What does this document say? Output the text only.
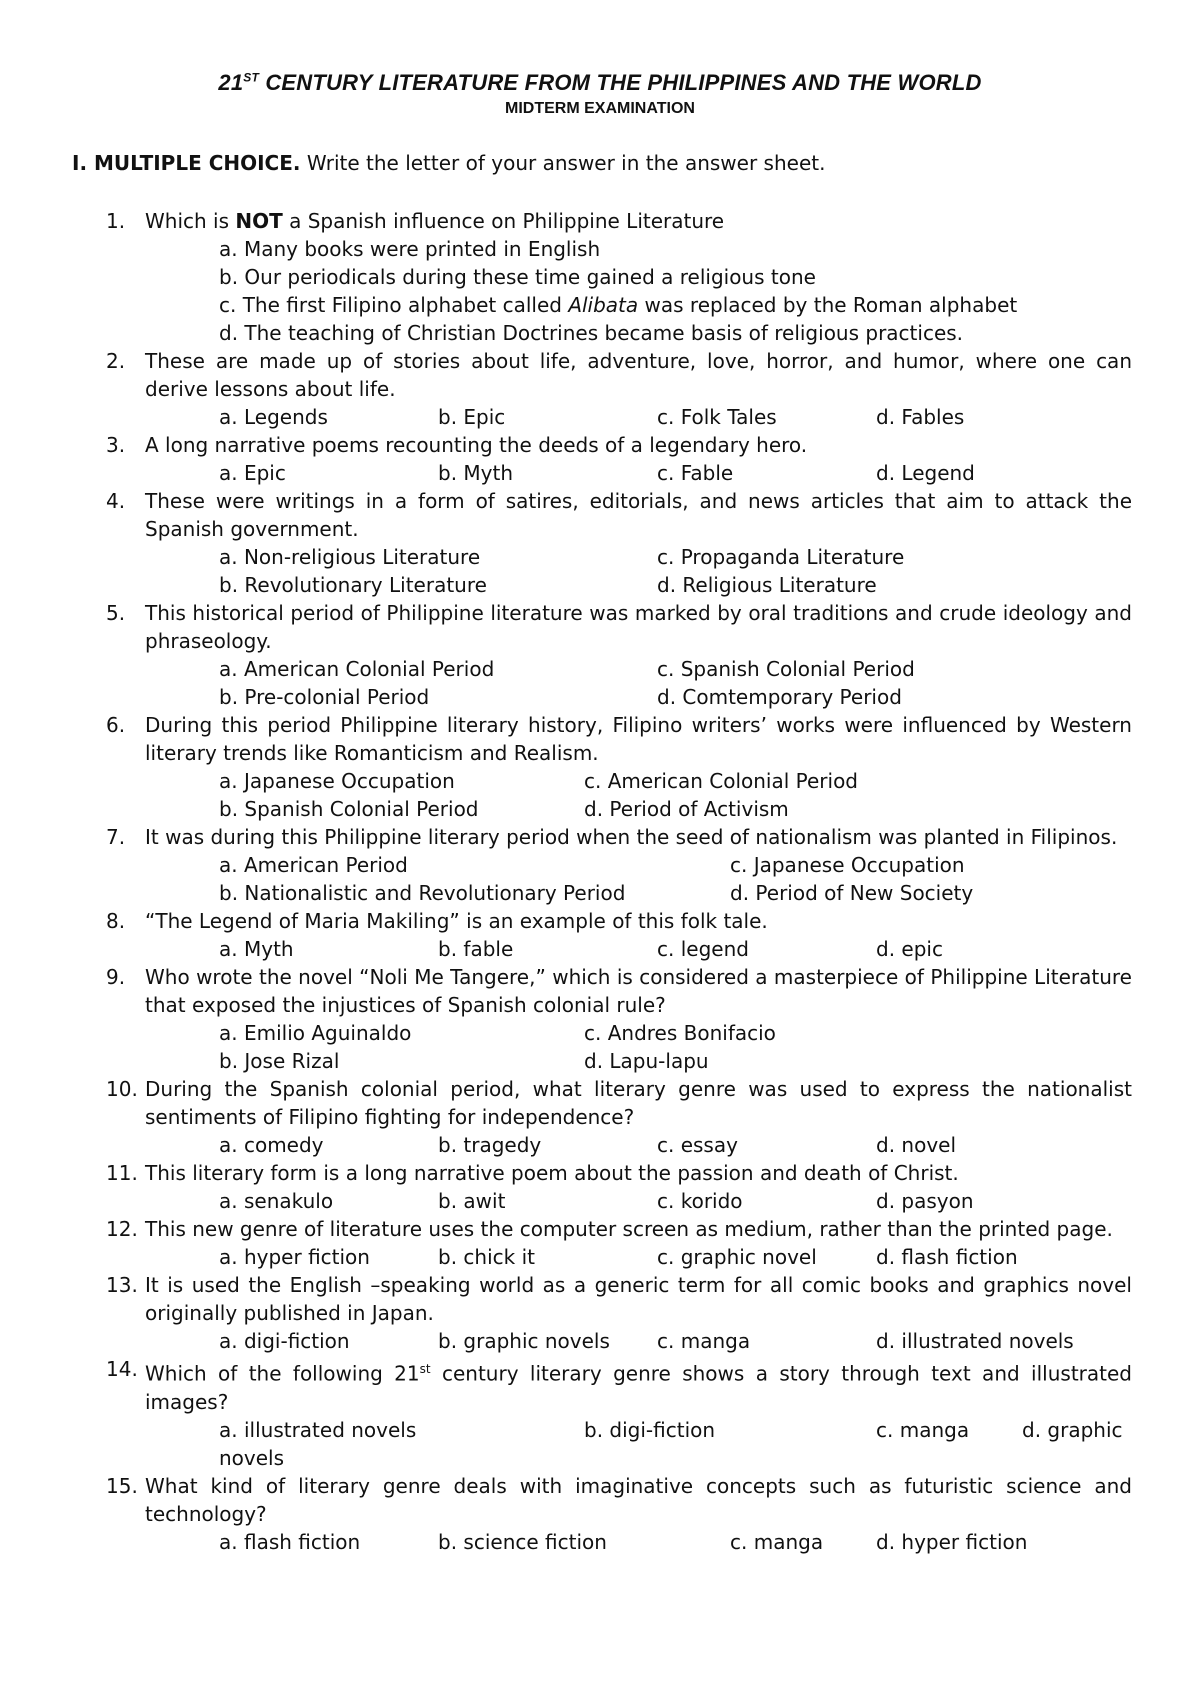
21ST CENTURY LITERATURE FROM THE PHILIPPINES AND THE WORLD
MIDTERM EXAMINATION
I. MULTIPLE CHOICE. Write the letter of your answer in the answer sheet.
1. Which is NOT a Spanish influence on Philippine Literature
a. Many books were printed in English
b. Our periodicals during these time gained a religious tone
c. The first Filipino alphabet called Alibata was replaced by the Roman alphabet
d. The teaching of Christian Doctrines became basis of religious practices.
2. These are made up of stories about life, adventure, love, horror, and humor, where one can derive lessons about life.
a. Legends	b. Epic	c. Folk Tales	d. Fables
3. A long narrative poems recounting the deeds of a legendary hero.
a. Epic	b. Myth	c. Fable	d. Legend
4. These were writings in a form of satires, editorials, and news articles that aim to attack the Spanish government.
a. Non-religious Literature	c. Propaganda Literature
b. Revolutionary Literature	d. Religious Literature
5. This historical period of Philippine literature was marked by oral traditions and crude ideology and phraseology.
a. American Colonial Period	c. Spanish Colonial Period
b. Pre-colonial Period	d. Comtemporary Period
6. During this period Philippine literary history, Filipino writers’ works were influenced by Western literary trends like Romanticism and Realism.
a. Japanese Occupation	c. American Colonial Period
b. Spanish Colonial Period	d. Period of Activism
7. It was during this Philippine literary period when the seed of nationalism was planted in Filipinos.
a. American Period	c. Japanese Occupation
b. Nationalistic and Revolutionary Period	d. Period of New Society
8. “The Legend of Maria Makiling” is an example of this folk tale.
a. Myth	b. fable	c. legend	d. epic
9. Who wrote the novel “Noli Me Tangere,” which is considered a masterpiece of Philippine Literature that exposed the injustices of Spanish colonial rule?
a. Emilio Aguinaldo	c. Andres Bonifacio
b. Jose Rizal	d. Lapu-lapu
10. During the Spanish colonial period, what literary genre was used to express the nationalist sentiments of Filipino fighting for independence?
a. comedy	b. tragedy	c. essay	d. novel
11. This literary form is a long narrative poem about the passion and death of Christ.
a. senakulo	b. awit	c. korido	d. pasyon
12. This new genre of literature uses the computer screen as medium, rather than the printed page.
a. hyper fiction	b. chick it	c. graphic novel	d. flash fiction
13. It is used the English –speaking world as a generic term for all comic books and graphics novel originally published in Japan.
a. digi-fiction	b. graphic novels	c. manga	d. illustrated novels
14. Which of the following 21st century literary genre shows a story through text and illustrated images?
a. illustrated novels	b. digi-fiction	c. manga	d. graphic
novels
15. What kind of literary genre deals with imaginative concepts such as futuristic science and technology?
a. flash fiction	b. science fiction	c. manga	d. hyper fiction
